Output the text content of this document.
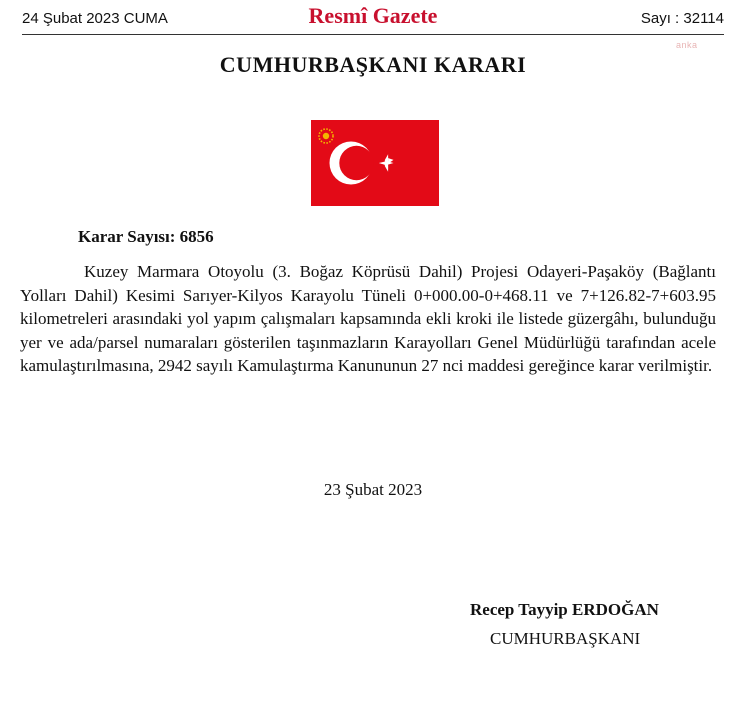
24 Şubat 2023 CUMA	Resmî Gazete	Sayı : 32114
anka
CUMHURBAŞKANI KARARI
Karar Sayısı: 6856

Kuzey Marmara Otoyolu (3. Boğaz Köprüsü Dahil) Projesi Odayeri-Paşaköy (Bağlantı Yolları Dahil) Kesimi Sarıyer-Kilyos Karayolu Tüneli 0+000.00-0+468.11 ve 7+126.82-7+603.95 kilometreleri arasındaki yol yapım çalışmaları kapsamında ekli kroki ile listede güzergâhı, bulunduğu yer ve ada/parsel numaraları gösterilen taşınmazların Karayolları Genel Müdürlüğü tarafından acele kamulaştırılmasına, 2942 sayılı Kamulaştırma Kanununun 27 nci maddesi gereğince karar verilmiştir.

23 Şubat 2023
Recep Tayyip ERDOĞAN
CUMHURBAŞKANI
